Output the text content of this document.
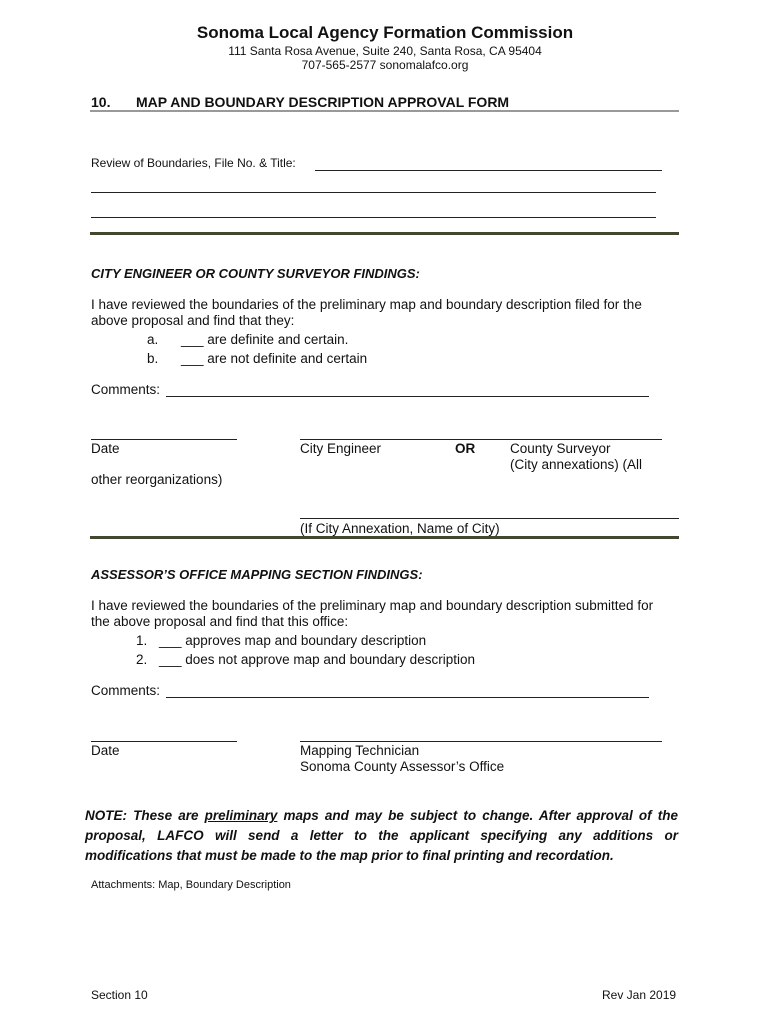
Sonoma Local Agency Formation Commission
111 Santa Rosa Avenue, Suite 240, Santa Rosa, CA 95404
707-565-2577 sonomalafco.org
10. MAP AND BOUNDARY DESCRIPTION APPROVAL FORM
Review of Boundaries, File No. & Title:
CITY ENGINEER OR COUNTY SURVEYOR FINDINGS:
I have reviewed the boundaries of the preliminary map and boundary description filed for the
above proposal and find that they:
a. ___ are definite and certain.
b. ___ are not definite and certain
Comments:
Date	City Engineer	OR	County Surveyor
(City annexations) (All
other reorganizations)
(If City Annexation, Name of City)
ASSESSOR’S OFFICE MAPPING SECTION FINDINGS:
I have reviewed the boundaries of the preliminary map and boundary description submitted for
the above proposal and find that this office:
1. ___ approves map and boundary description
2. ___ does not approve map and boundary description
Comments:
Date	Mapping Technician
Sonoma County Assessor’s Office
NOTE: These are preliminary maps and may be subject to change. After approval of the proposal, LAFCO will send a letter to the applicant specifying any additions or modifications that must be made to the map prior to final printing and recordation.
Attachments: Map, Boundary Description
Section 10	Rev Jan 2019
